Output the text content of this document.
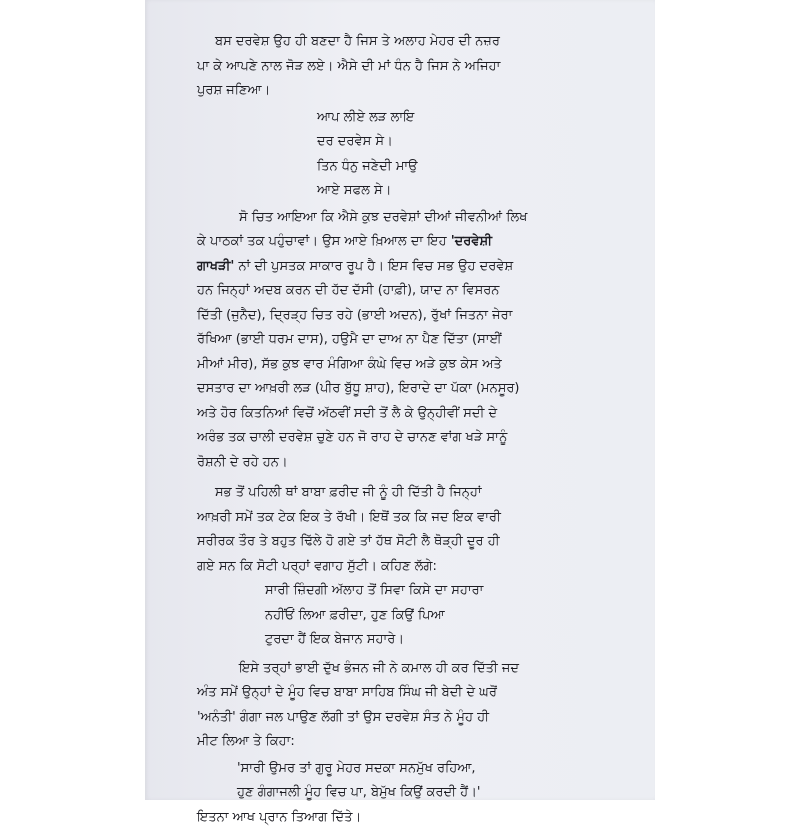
ਬਸ ਦਰਵੇਸ਼ ਉਹ ਹੀ ਬਣਦਾ ਹੈ ਜਿਸ ਤੇ ਅਲਾਹ ਮੇਹਰ ਦੀ ਨਜ਼ਰ
ਪਾ ਕੇ ਆਪਣੇ ਨਾਲ ਜੋੜ ਲਏ। ਐਸੇ ਦੀ ਮਾਂ ਧੰਨ ਹੈ ਜਿਸ ਨੇ ਅਜਿਹਾ
ਪੁਰਸ਼ ਜਣਿਆ।
ਆਪ ਲੀਏ ਲੜ ਲਾਇ
ਦਰ ਦਰਵੇਸ ਸੇ।
ਤਿਨ ਧੰਨੁ ਜਣੇਦੀ ਮਾਉ
ਆਏ ਸਫਲ ਸੇ।
ਸੋ ਚਿਤ ਆਇਆ ਕਿ ਐਸੇ ਕੁਝ ਦਰਵੇਸ਼ਾਂ ਦੀਆਂ ਜੀਵਨੀਆਂ ਲਿਖ
ਕੇ ਪਾਠਕਾਂ ਤਕ ਪਹੁੰਚਾਵਾਂ। ਉਸ ਆਏ ਖ਼ਿਆਲ ਦਾ ਇਹ 'ਦਰਵੇਸ਼ੀ
ਗਾਖੜੀ' ਨਾਂ ਦੀ ਪੁਸਤਕ ਸਾਕਾਰ ਰੂਪ ਹੈ। ਇਸ ਵਿਚ ਸਭ ਉਹ ਦਰਵੇਸ਼
ਹਨ ਜਿਨ੍ਹਾਂ ਅਦਬ ਕਰਨ ਦੀ ਹੱਦ ਦੱਸੀ (ਹਾਫ਼ੀ), ਯਾਦ ਨਾ ਵਿਸਰਨ
ਦਿੱਤੀ (ਜੁਨੈਦ), ਦ੍ਰਿੜ੍ਹ ਚਿਤ ਰਹੇ (ਭਾਈ ਅਦਨ), ਰੁੱਖਾਂ ਜਿਤਨਾ ਜੇਰਾ
ਰੱਖਿਆ (ਭਾਈ ਧਰਮ ਦਾਸ), ਹਉਮੈ ਦਾ ਦਾਅ ਨਾ ਪੈਣ ਦਿੱਤਾ (ਸਾਈਂ
ਮੀਆਂ ਮੀਰ), ਸੱਭ ਕੁਝ ਵਾਰ ਮੰਗਿਆ ਕੰਘੇ ਵਿਚ ਅੜੇ ਕੁਝ ਕੇਸ ਅਤੇ
ਦਸਤਾਰ ਦਾ ਆਖ਼ਰੀ ਲੜ (ਪੀਰ ਬੁੱਧੂ ਸ਼ਾਹ), ਇਰਾਦੇ ਦਾ ਪੱਕਾ (ਮਨਸੂਰ)
ਅਤੇ ਹੋਰ ਕਿਤਨਿਆਂ ਵਿਚੋਂ ਅੱਠਵੀਂ ਸਦੀ ਤੋਂ ਲੈ ਕੇ ਉਨ੍ਹੀਵੀਂ ਸਦੀ ਦੇ
ਅਰੰਭ ਤਕ ਚਾਲੀ ਦਰਵੇਸ਼ ਚੁਣੇ ਹਨ ਜੋ ਰਾਹ ਦੇ ਚਾਨਣ ਵਾਂਗ ਖੜੇ ਸਾਨੂੰ
ਰੋਸ਼ਨੀ ਦੇ ਰਹੇ ਹਨ।
ਸਭ ਤੋਂ ਪਹਿਲੀ ਥਾਂ ਬਾਬਾ ਫ਼ਰੀਦ ਜੀ ਨੂੰ ਹੀ ਦਿੱਤੀ ਹੈ ਜਿਨ੍ਹਾਂ
ਆਖ਼ਰੀ ਸਮੇਂ ਤਕ ਟੇਕ ਇਕ ਤੇ ਰੱਖੀ। ਇਥੋਂ ਤਕ ਕਿ ਜਦ ਇਕ ਵਾਰੀ
ਸਰੀਰਕ ਤੌਰ ਤੇ ਬਹੁਤ ਢਿੱਲੇ ਹੋ ਗਏ ਤਾਂ ਹੱਥ ਸੋਟੀ ਲੈ ਥੋੜ੍ਹੀ ਦੂਰ ਹੀ
ਗਏ ਸਨ ਕਿ ਸੋਟੀ ਪਰ੍ਹਾਂ ਵਗਾਹ ਸੁੱਟੀ। ਕਹਿਣ ਲੱਗੇ:
ਸਾਰੀ ਜ਼ਿੰਦਗੀ ਅੱਲਾਹ ਤੋਂ ਸਿਵਾ ਕਿਸੇ ਦਾ ਸਹਾਰਾ
ਨਹੀਂਓਂ ਲਿਆ ਫ਼ਰੀਦਾ, ਹੁਣ ਕਿਉਂ ਪਿਆ
ਟੁਰਦਾ ਹੈਂ ਇਕ ਬੇਜਾਨ ਸਹਾਰੇ।
ਇਸੇ ਤਰ੍ਹਾਂ ਭਾਈ ਦੁੱਖ ਭੰਜਨ ਜੀ ਨੇ ਕਮਾਲ ਹੀ ਕਰ ਦਿੱਤੀ ਜਦ
ਅੰਤ ਸਮੇਂ ਉਨ੍ਹਾਂ ਦੇ ਮੂੰਹ ਵਿਚ ਬਾਬਾ ਸਾਹਿਬ ਸਿੰਘ ਜੀ ਬੇਦੀ ਦੇ ਘਰੋਂ
'ਅਨੰਤੀ' ਗੰਗਾ ਜਲ ਪਾਉਣ ਲੱਗੀ ਤਾਂ ਉਸ ਦਰਵੇਸ਼ ਸੰਤ ਨੇ ਮੂੰਹ ਹੀ
ਮੀਟ ਲਿਆ ਤੇ ਕਿਹਾ:
'ਸਾਰੀ ਉਮਰ ਤਾਂ ਗੁਰੂ ਮੇਹਰ ਸਦਕਾ ਸਨਮੁੱਖ ਰਹਿਆ,
ਹੁਣ ਗੰਗਾਜਲੀ ਮੂੰਹ ਵਿਚ ਪਾ, ਬੇਮੁੱਖ ਕਿਉਂ ਕਰਦੀ ਹੈਂ।'
ਇਤਨਾ ਆਖ ਪ੍ਰਾਨ ਤਿਆਗ ਦਿੱਤੇ।
